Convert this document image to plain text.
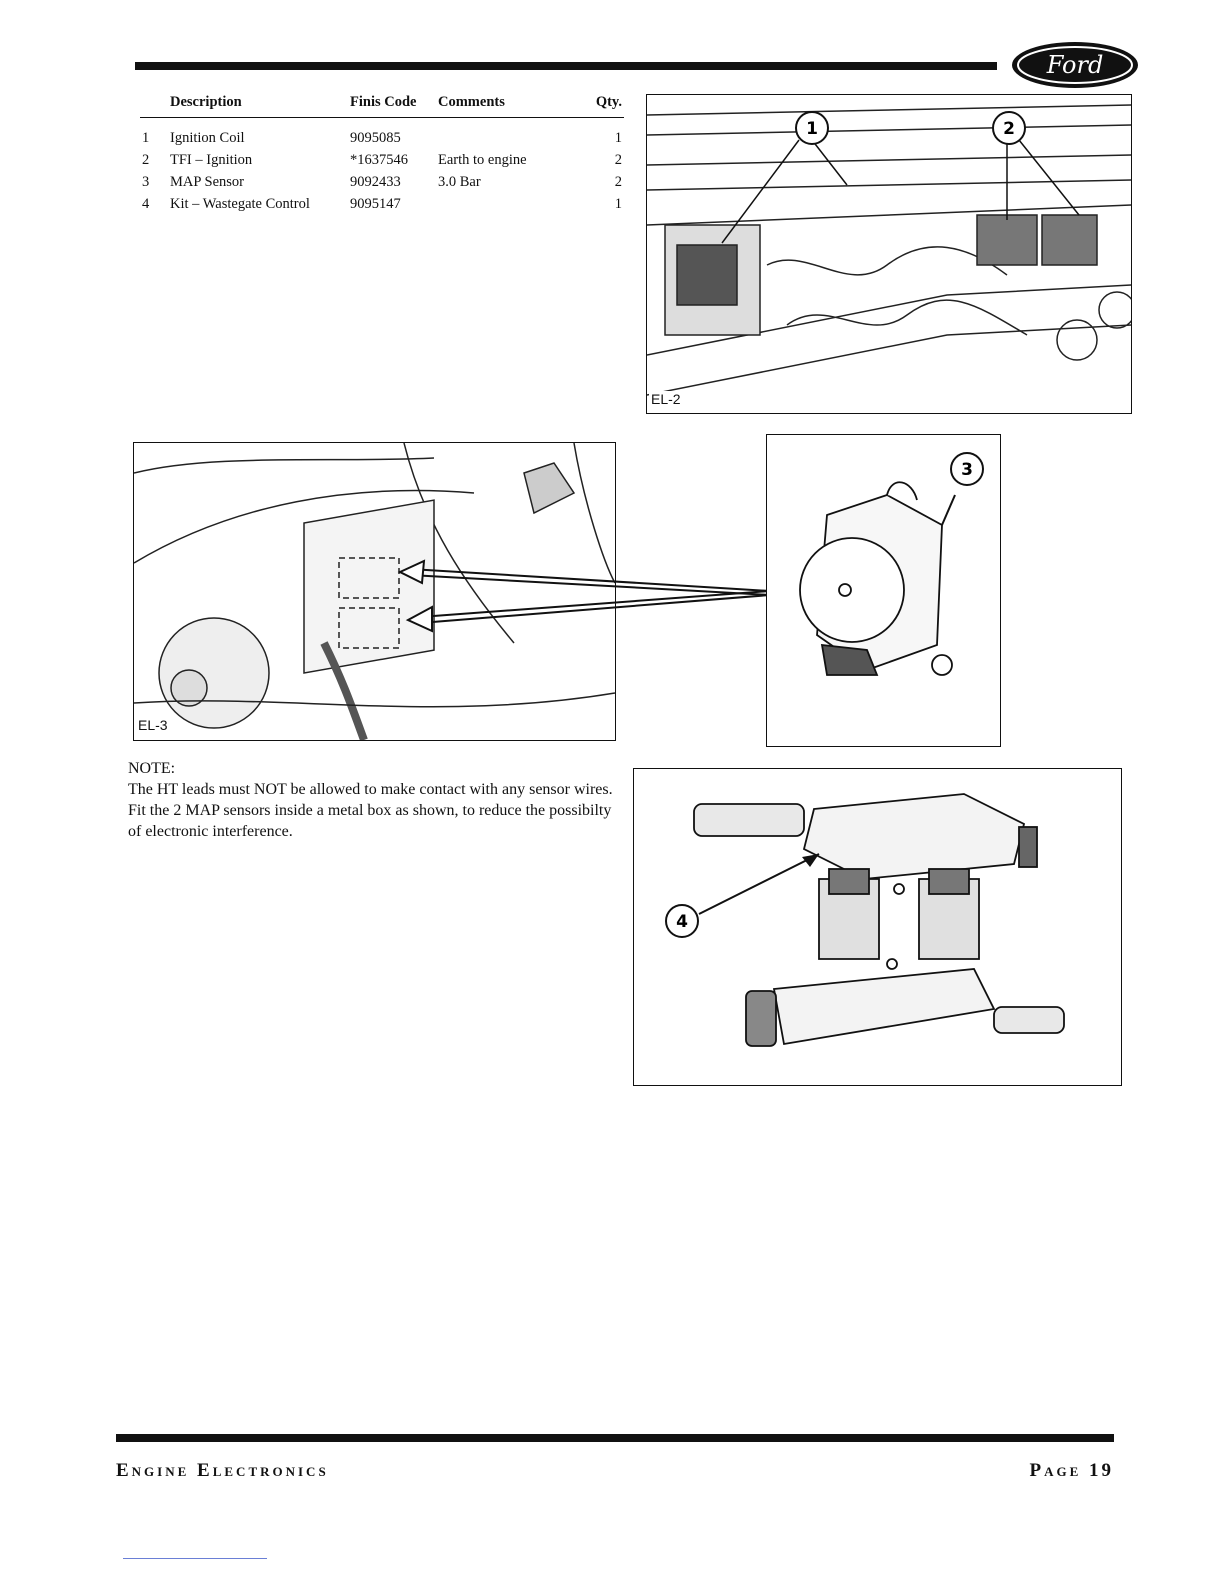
Ford
	Description	Finis Code	Comments	Qty.
1	Ignition Coil	9095085		1
2	TFI – Ignition	*1637546	Earth to engine	2
3	MAP Sensor	9092433	3.0 Bar	2
4	Kit – Wastegate Control	9095147		1
1	2
EL-2
EL-3
3

NOTE:

The HT leads must NOT be allowed to make contact with any sensor wires.

Fit the 2 MAP sensors inside a metal box as shown, to reduce the possibilty of electronic interference.

4
Engine Electronics	Page 19
